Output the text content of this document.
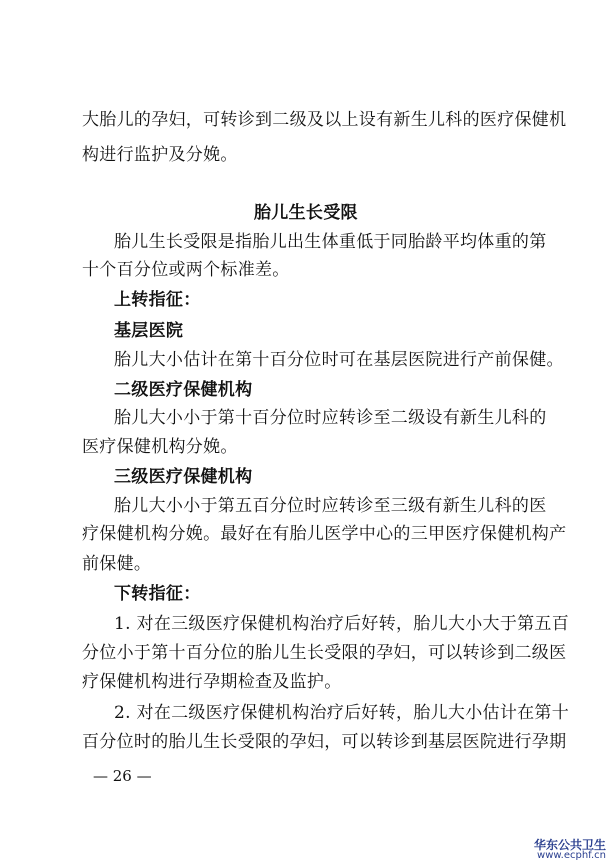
大胎儿的孕妇，可转诊到二级及以上设有新生儿科的医疗保健机
构进行监护及分娩。
胎儿生长受限
胎儿生长受限是指胎儿出生体重低于同胎龄平均体重的第
十个百分位或两个标准差。
上转指征：
基层医院
胎儿大小估计在第十百分位时可在基层医院进行产前保健。
二级医疗保健机构
胎儿大小小于第十百分位时应转诊至二级设有新生儿科的
医疗保健机构分娩。
三级医疗保健机构
胎儿大小小于第五百分位时应转诊至三级有新生儿科的医
疗保健机构分娩。最好在有胎儿医学中心的三甲医疗保健机构产
前保健。
下转指征：
1. 对在三级医疗保健机构治疗后好转，胎儿大小大于第五百
分位小于第十百分位的胎儿生长受限的孕妇，可以转诊到二级医
疗保健机构进行孕期检查及监护。
2. 对在二级医疗保健机构治疗后好转，胎儿大小估计在第十
百分位时的胎儿生长受限的孕妇，可以转诊到基层医院进行孕期
— 26 —
华东公共卫生
www.ecphf.cn
